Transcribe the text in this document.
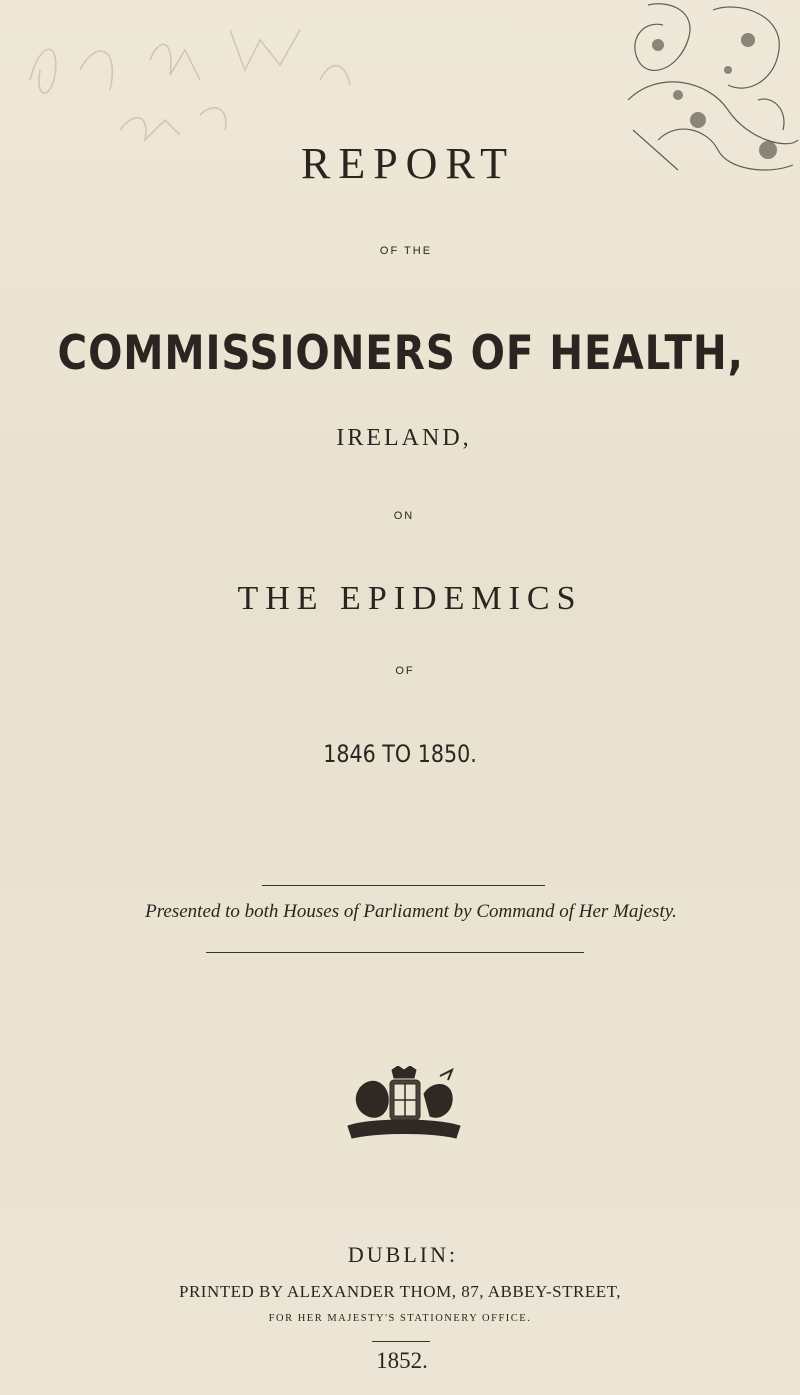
REPORT
OF THE
COMMISSIONERS OF HEALTH,
IRELAND,
ON
THE EPIDEMICS
OF
1846 TO 1850.
Presented to both Houses of Parliament by Command of Her Majesty.
DUBLIN:
PRINTED BY ALEXANDER THOM, 87, ABBEY-STREET,
FOR HER MAJESTY'S STATIONERY OFFICE.
1852.
